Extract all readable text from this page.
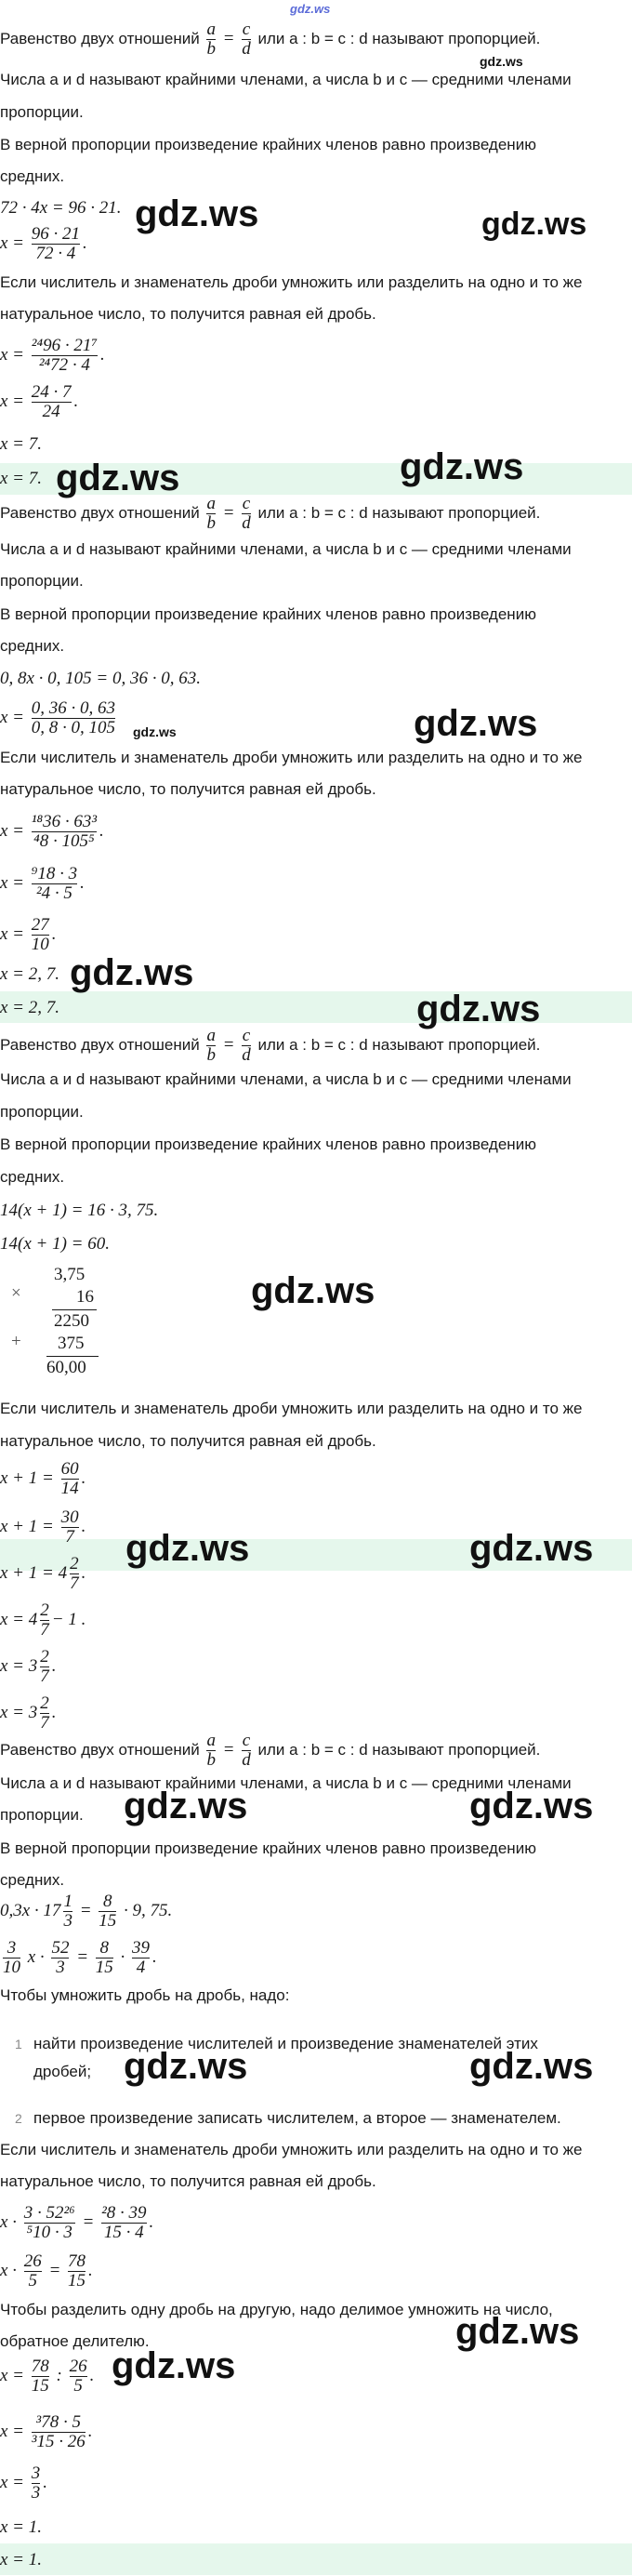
gdz.ws
Равенство двух отношений $\frac{a}{b} = \frac{c}{d}$ или a : b = c : d называют пропорцией.
Числа a и d называют крайними членами, а числа b и c — средними членами
пропорции.
В верной пропорции произведение крайних членов равно произведению
средних.
72 · 4x = 96 · 21.
$x = \frac{96 \cdot 21}{72 \cdot 4}$ .
Если числитель и знаменатель дроби умножить или разделить на одно и то же
натуральное число, то получится равная ей дробь.
$x = \frac{\text{²⁴96 · 21⁷}}{\text{²⁴72 · 4}}$ .
$x = \frac{24 \cdot 7}{24}$ .
x = 7.
x = 7.
Равенство двух отношений $\frac{a}{b} = \frac{c}{d}$ или a : b = c : d называют пропорцией.
Числа a и d называют крайними членами, а числа b и c — средними членами
пропорции.
В верной пропорции произведение крайних членов равно произведению
средних.
0, 8x · 0, 105 = 0, 36 · 0, 63.
$x = \frac{0, 36 \cdot 0, 63}{0, 8 \cdot 0, 105}$
Если числитель и знаменатель дроби умножить или разделить на одно и то же
натуральное число, то получится равная ей дробь.
$x = \frac{\text{¹⁸36 · 63³}}{\text{⁴8 · 105⁵}}$ .
$x = \frac{\text{⁹18 · 3}}{\text{²4 · 5}}$ .
$x = \frac{27}{10}$ .
x = 2, 7.
x = 2, 7.
Равенство двух отношений $\frac{a}{b} = \frac{c}{d}$ или a : b = c : d называют пропорцией.
Числа a и d называют крайними членами, а числа b и c — средними членами
пропорции.
В верной пропорции произведение крайних членов равно произведению
средних.
14(x + 1) = 16 · 3, 75.
14(x + 1) = 60.
×
3,75
16
2250
+ 375
60,00
Если числитель и знаменатель дроби умножить или разделить на одно и то же
натуральное число, то получится равная ей дробь.
$x + 1 = \frac{60}{14}$ .
$x + 1 = \frac{30}{7}$ .
$x + 1 = 4 \frac{2}{7}$ .
$x = 4 \frac{2}{7} - 1$ .
$x = 3 \frac{2}{7}$ .
$x = 3 \frac{2}{7}$ .
Равенство двух отношений $\frac{a}{b} = \frac{c}{d}$ или a : b = c : d называют пропорцией.
Числа a и d называют крайними членами, а числа b и c — средними членами
пропорции.
В верной пропорции произведение крайних членов равно произведению
средних.
$0,3x \cdot 17 \frac{1}{3} = \frac{8}{15} \cdot 9$, 75.
$\frac{3}{10}$ $x \cdot \frac{52}{3} = \frac{8}{15} \cdot \frac{39}{4}$ .
Чтобы умножить дробь на дробь, надо:
1 найти произведение числителей и произведение знаменателей этих
дробей;
2 первое произведение записать числителем, а второе — знаменателем.
Если числитель и знаменатель дроби умножить или разделить на одно и то же
натуральное число, то получится равная ей дробь.
$x \cdot \frac{\text{3 · 52²⁶}}{\text{⁵10 · 3}} = \frac{\text{²8 · 39}}{15 \cdot 4}$ .
$x \cdot \frac{26}{5} = \frac{78}{15}$ .
Чтобы разделить одну дробь на другую, надо делимое умножить на число,
обратное делителю.
$x = \frac{78}{15}$ : $\frac{26}{5}$ .
$x = \frac{\text{³78 · 5}}{\text{³15 · 26}}$ .
$x = \frac{3}{3}$ .
x = 1.
x = 1.
gdz.ws
gdz.ws	gdz.ws
gdz.ws	gdz.ws
gdz.ws	gdz.ws
gdz.ws
gdz.ws
gdz.ws
gdz.ws	gdz.ws
gdz.ws	gdz.ws
gdz.ws	gdz.ws
gdz.ws
gdz.ws
